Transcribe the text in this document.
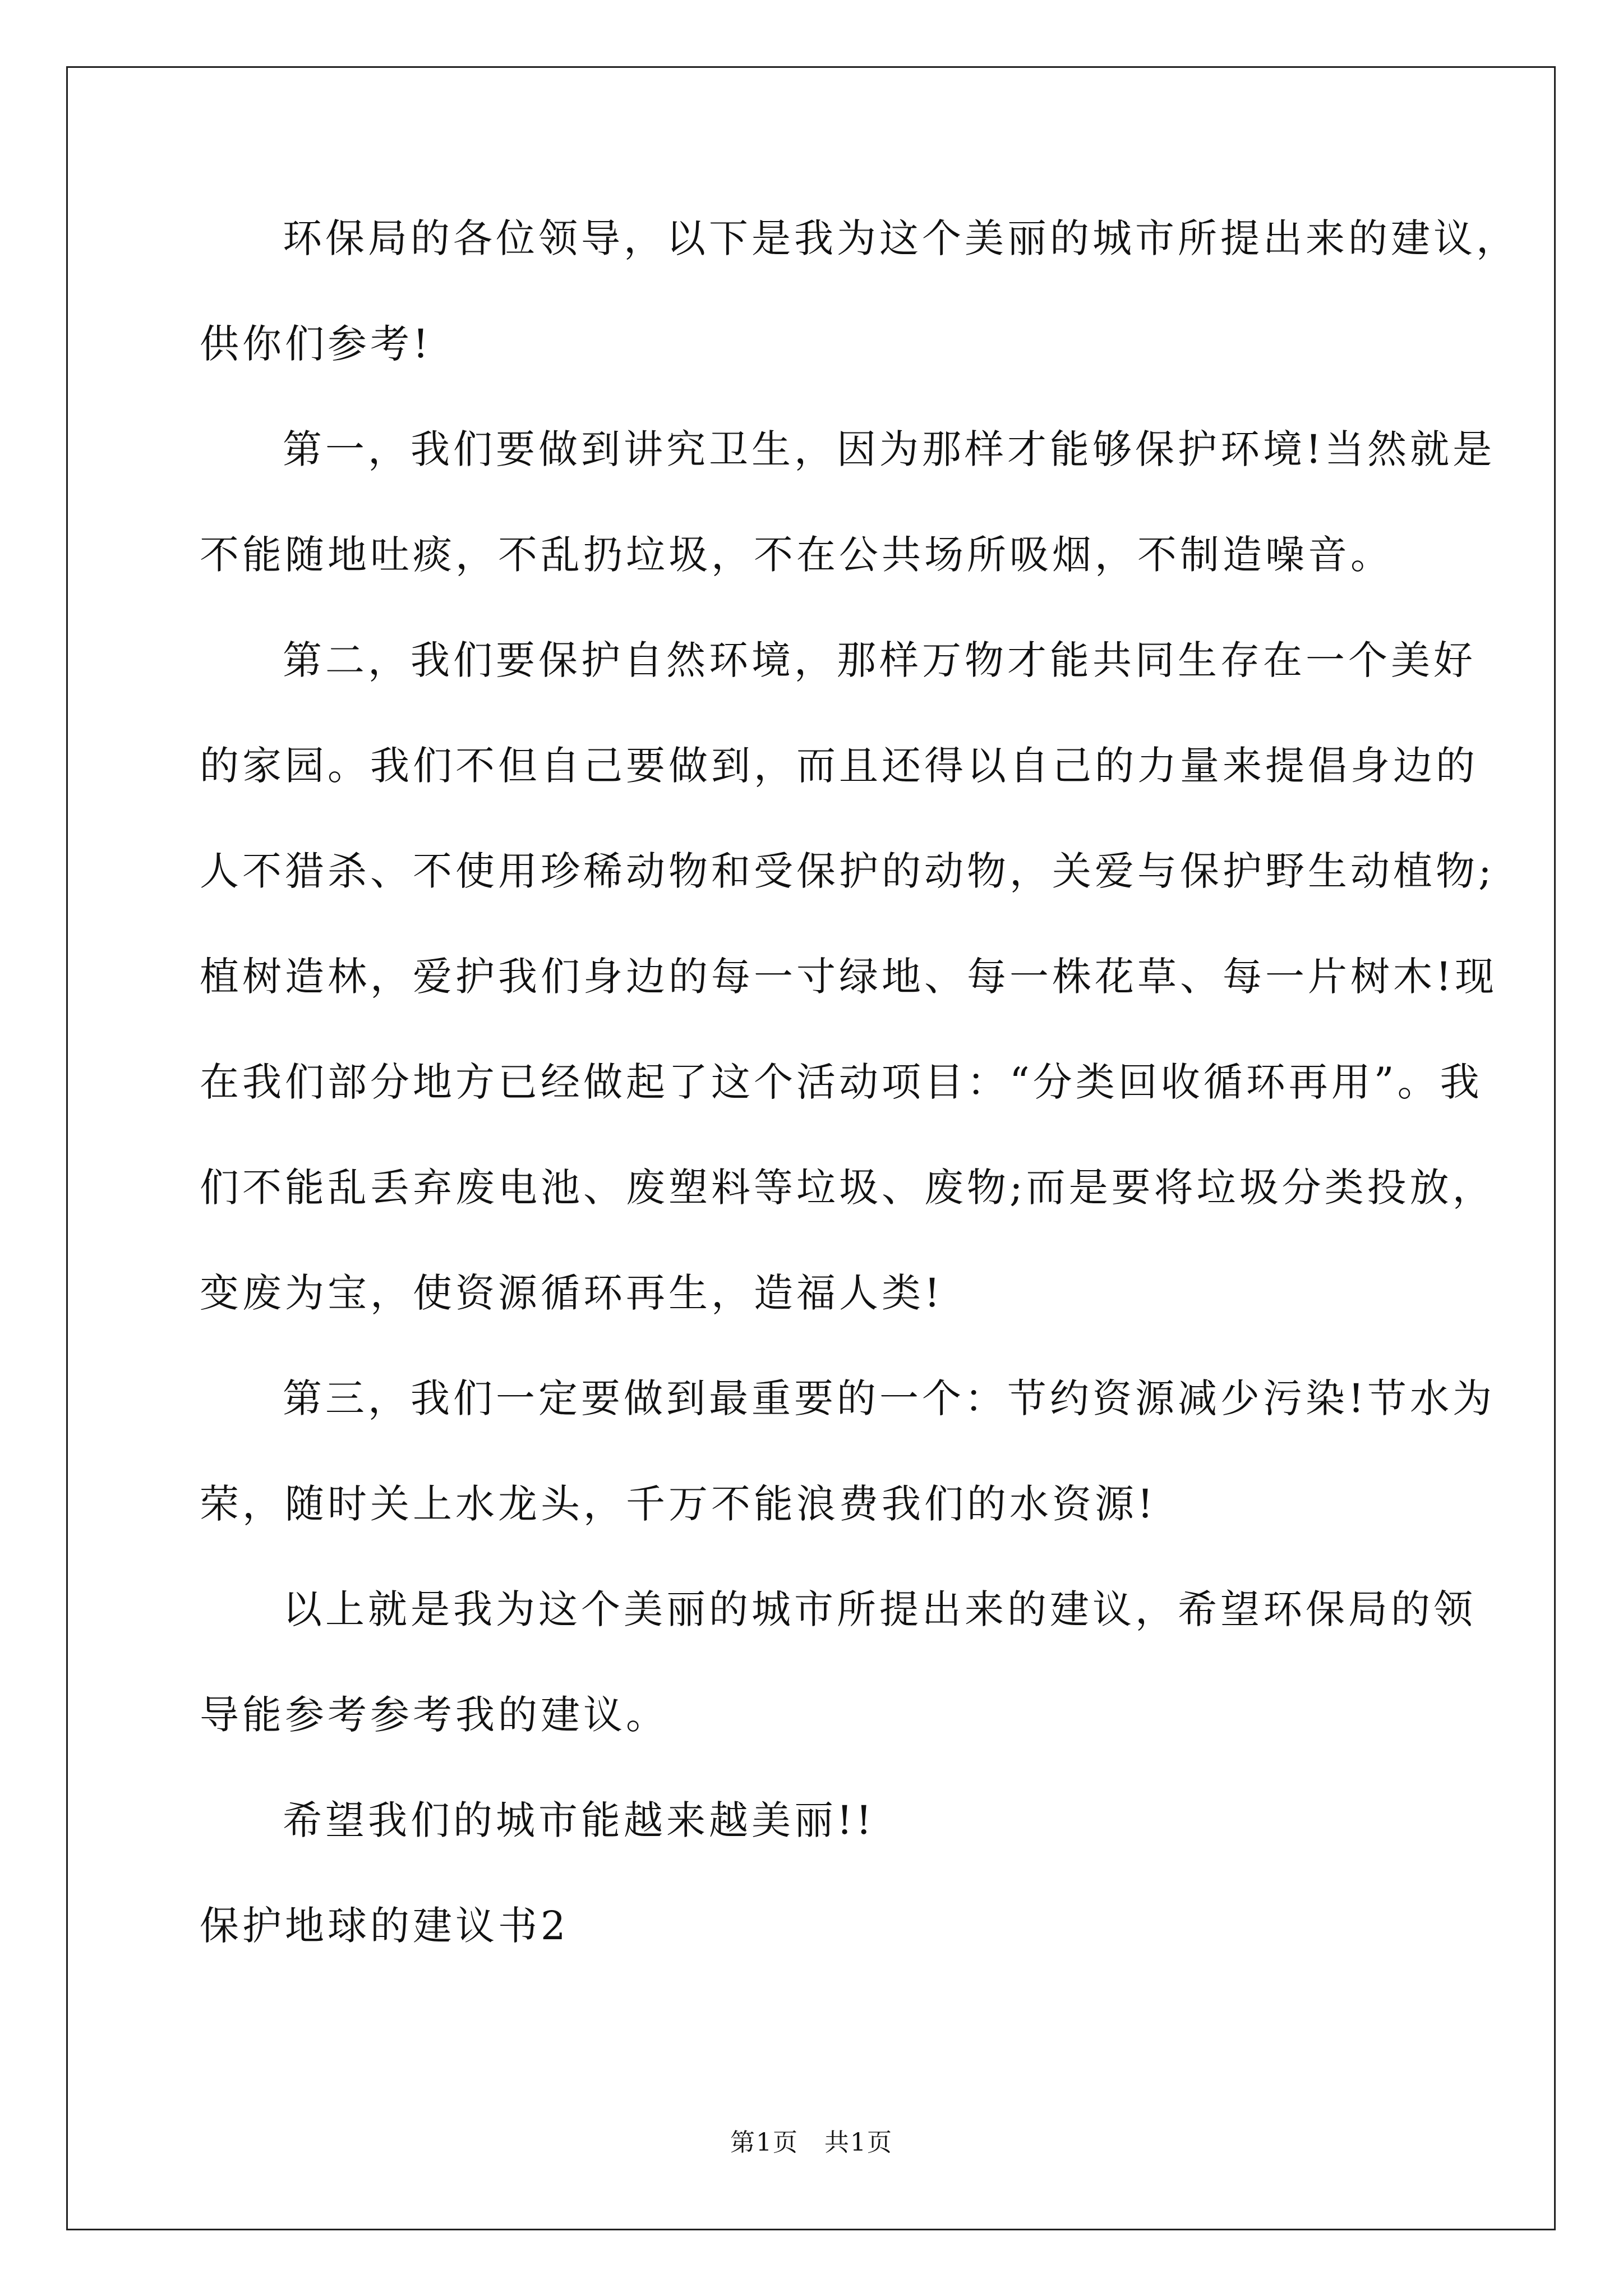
环保局的各位领导，以下是我为这个美丽的城市所提出来的建议，
供你们参考!
第一，我们要做到讲究卫生，因为那样才能够保护环境!当然就是
不能随地吐痰，不乱扔垃圾，不在公共场所吸烟，不制造噪音。
第二，我们要保护自然环境，那样万物才能共同生存在一个美好
的家园。我们不但自己要做到，而且还得以自己的力量来提倡身边的
人不猎杀、不使用珍稀动物和受保护的动物，关爱与保护野生动植物;
植树造林，爱护我们身边的每一寸绿地、每一株花草、每一片树木!现
在我们部分地方已经做起了这个活动项目：“分类回收循环再用”。我
们不能乱丢弃废电池、废塑料等垃圾、废物;而是要将垃圾分类投放，
变废为宝，使资源循环再生，造福人类!
第三，我们一定要做到最重要的一个：节约资源减少污染!节水为
荣，随时关上水龙头，千万不能浪费我们的水资源!
以上就是我为这个美丽的城市所提出来的建议，希望环保局的领
导能参考参考我的建议。
希望我们的城市能越来越美丽!!
保护地球的建议书2
第1页　共1页
